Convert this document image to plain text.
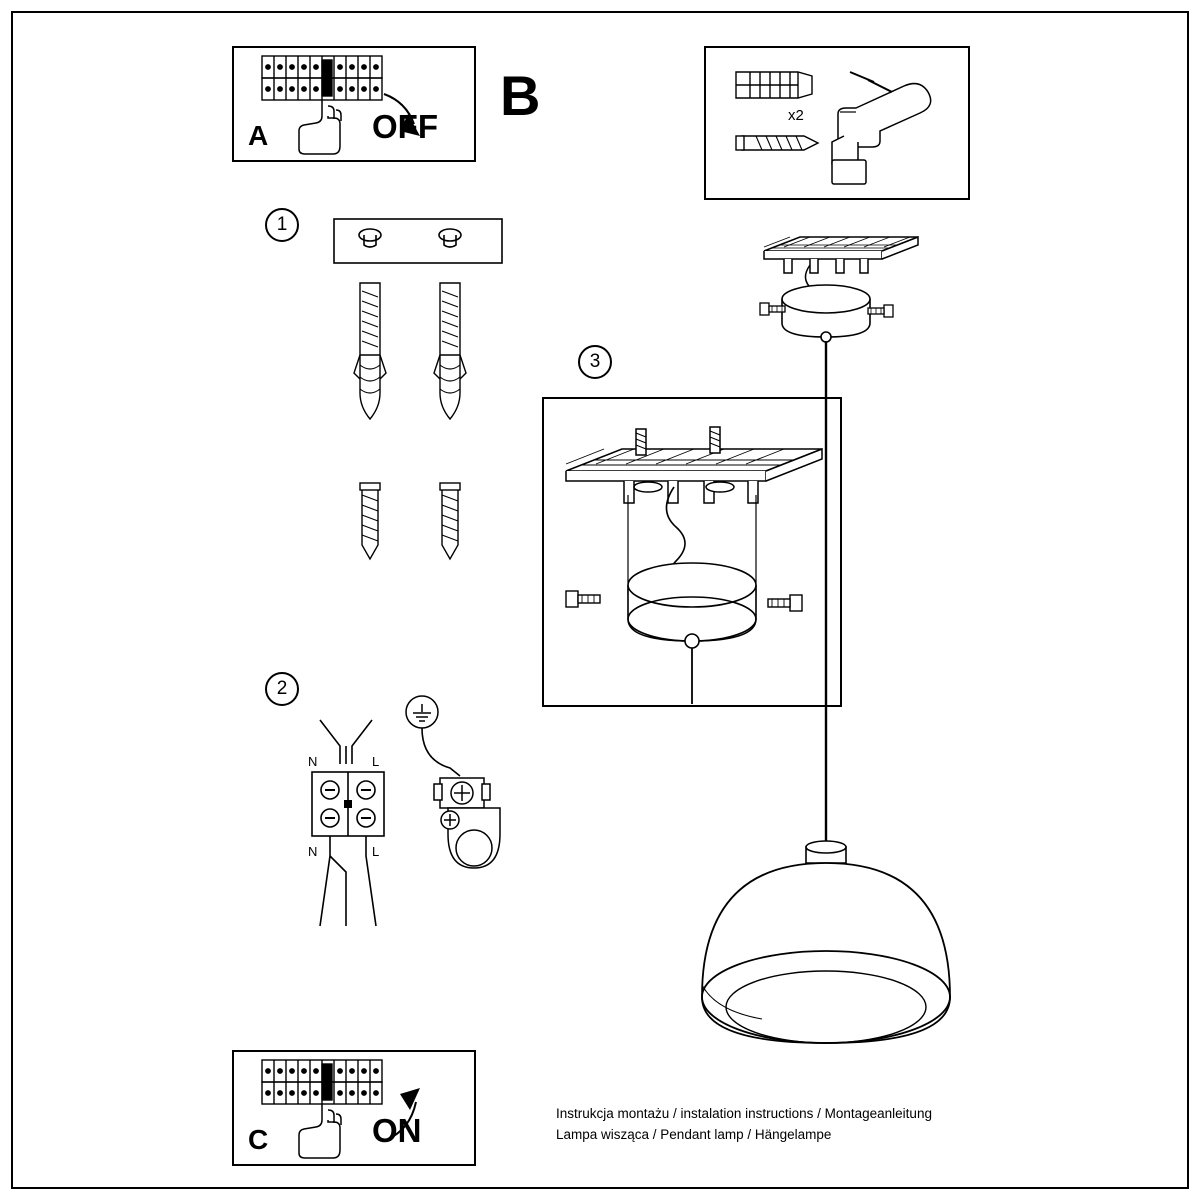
A	OFF B	x2
1
2
N	L
N	L
3
C	ON	Instrukcja montażu / instalation instructions / Montageanleitung
Lampa wisząca / Pendant lamp / Hängelampe
